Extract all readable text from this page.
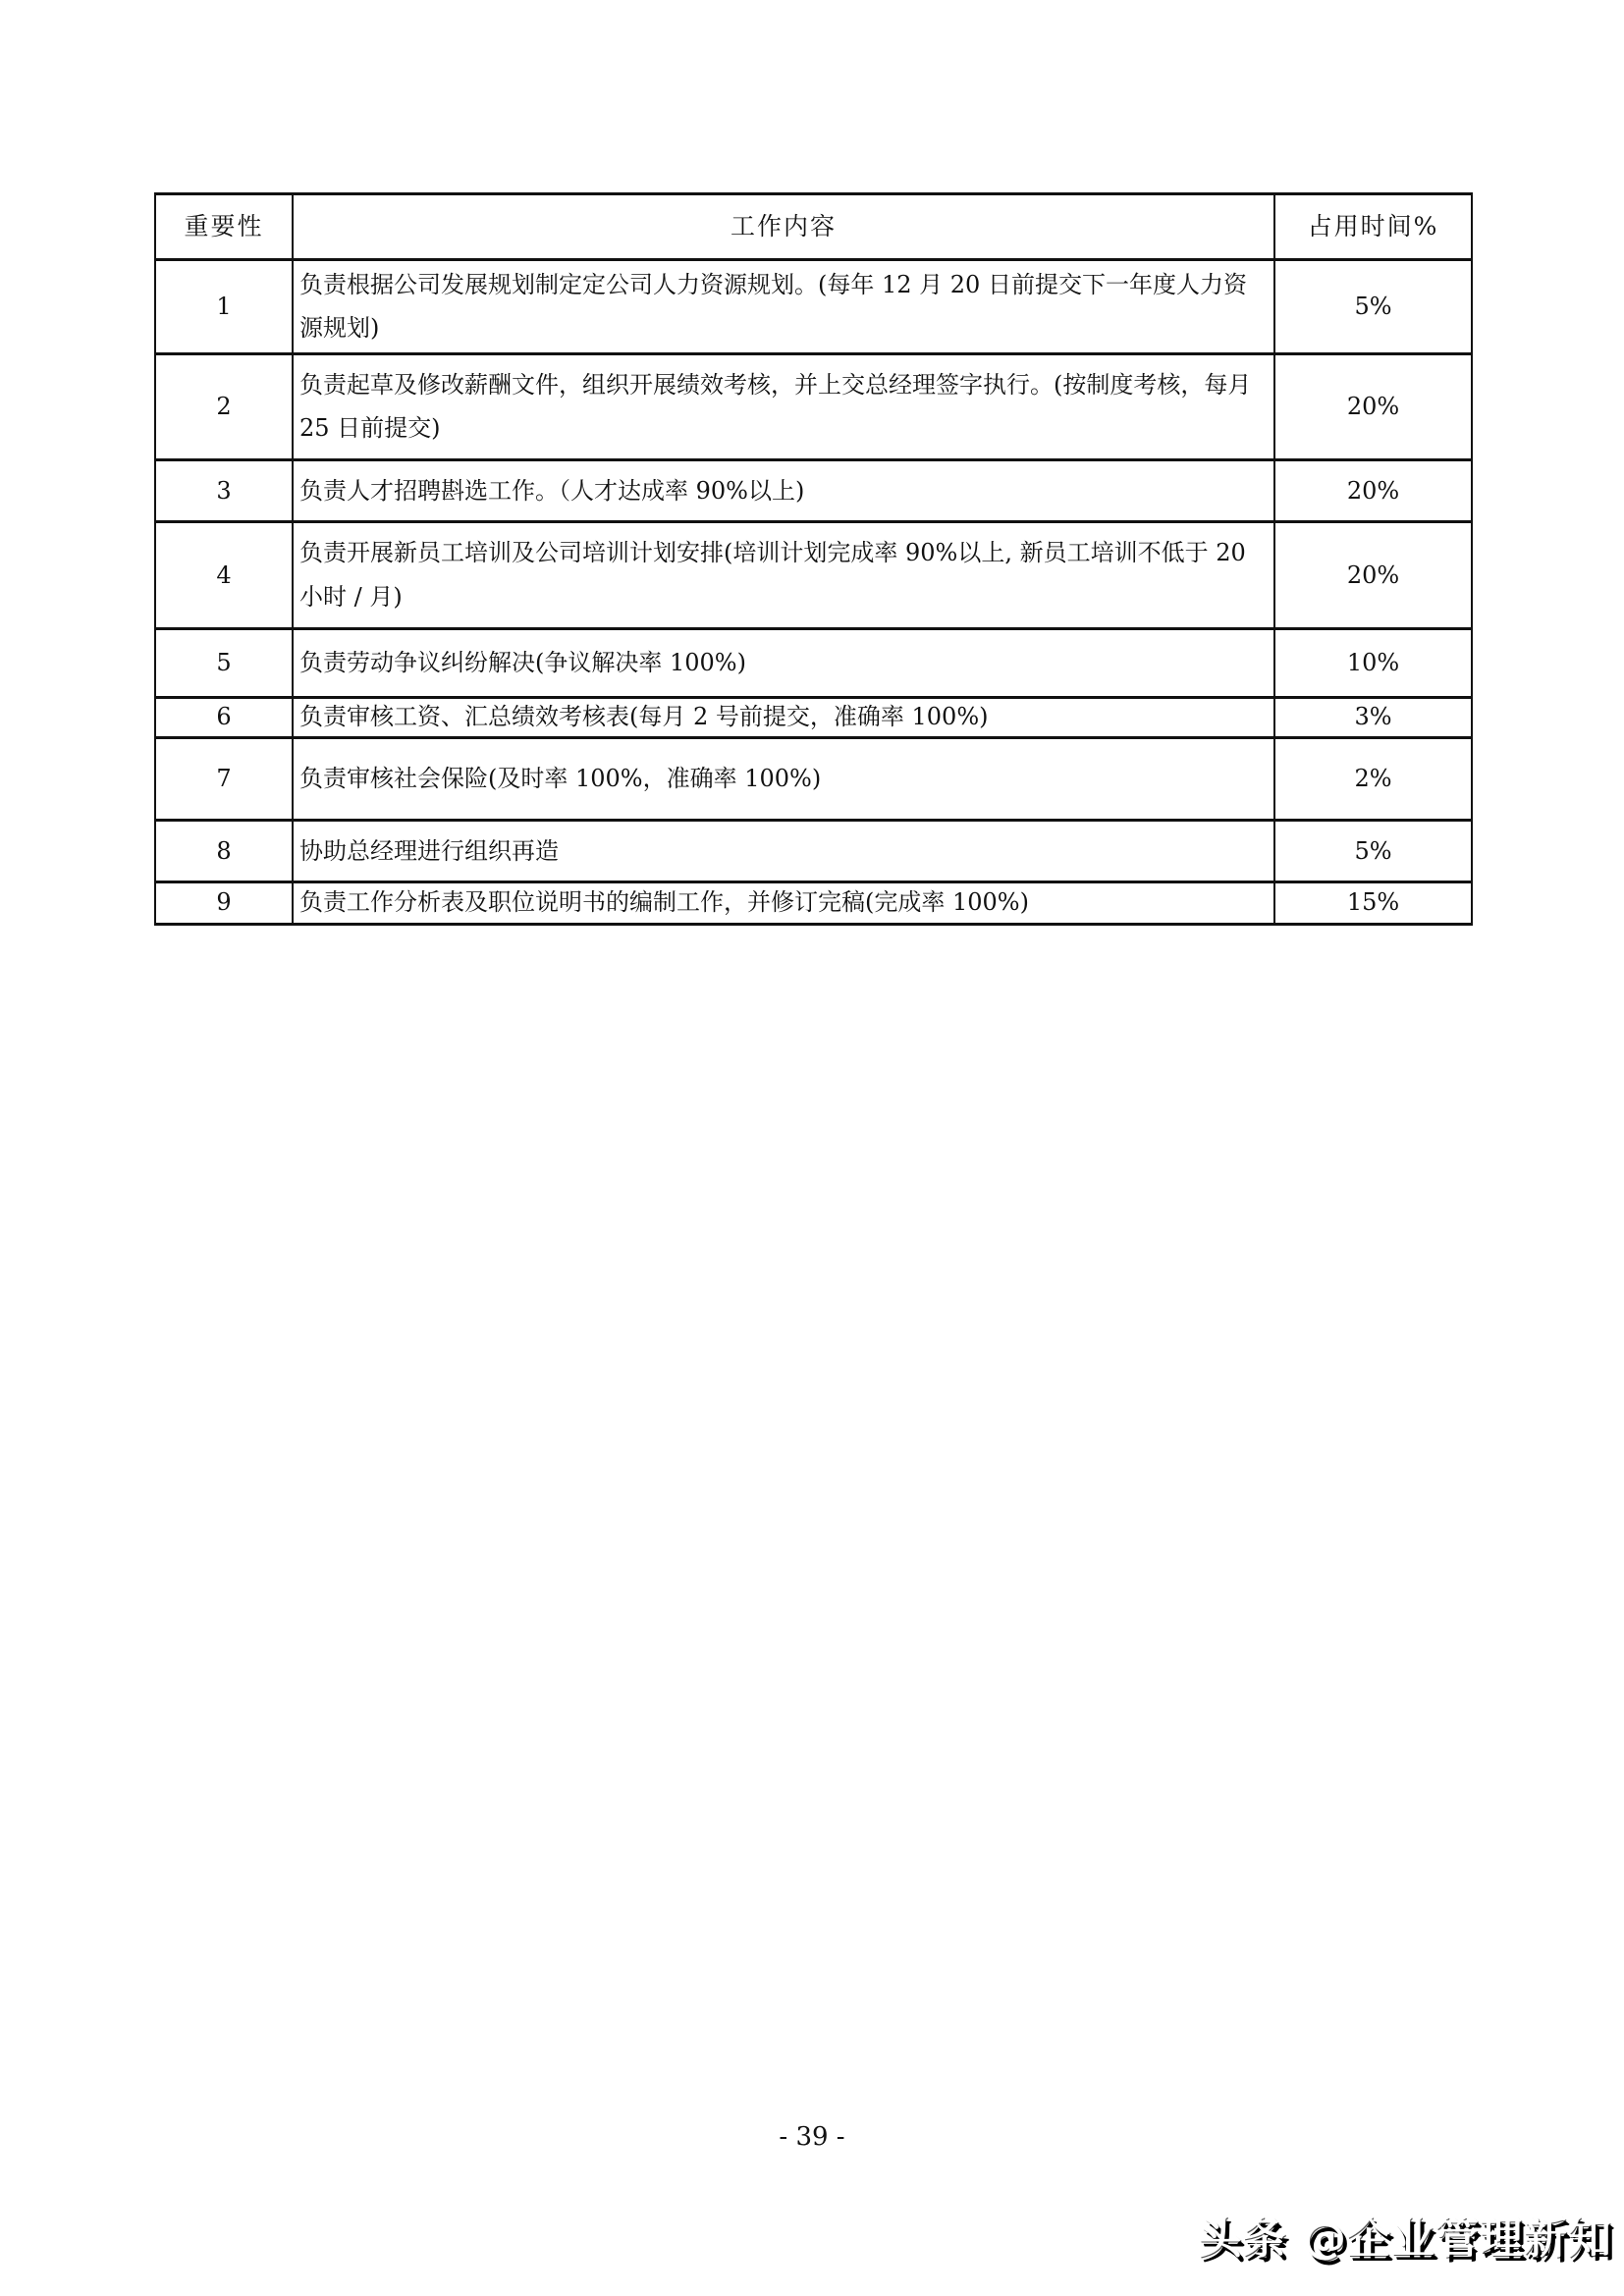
重要性	工作内容	占用时间%
1	负责根据公司发展规划制定定公司人力资源规划。(每年 12 月 20 日前提交下一年度人力资源规划)	5%
2	负责起草及修改薪酬文件，组织开展绩效考核，并上交总经理签字执行。(按制度考核，每月 25 日前提交)	20%
3	负责人才招聘斟选工作。（人才达成率 90%以上)	20%
4	负责开展新员工培训及公司培训计划安排(培训计划完成率 90%以上, 新员工培训不低于 20 小时 / 月)	20%
5	负责劳动争议纠纷解决(争议解决率 100%)	10%
6	负责审核工资、汇总绩效考核表(每月 2 号前提交，准确率 100%)	3%
7	负责审核社会保险(及时率 100%，准确率 100%)	2%
8	协助总经理进行组织再造	5%
9	负责工作分析表及职位说明书的编制工作，并修订完稿(完成率 100%)	15%
- 39 -
头条 @企业管理新知
